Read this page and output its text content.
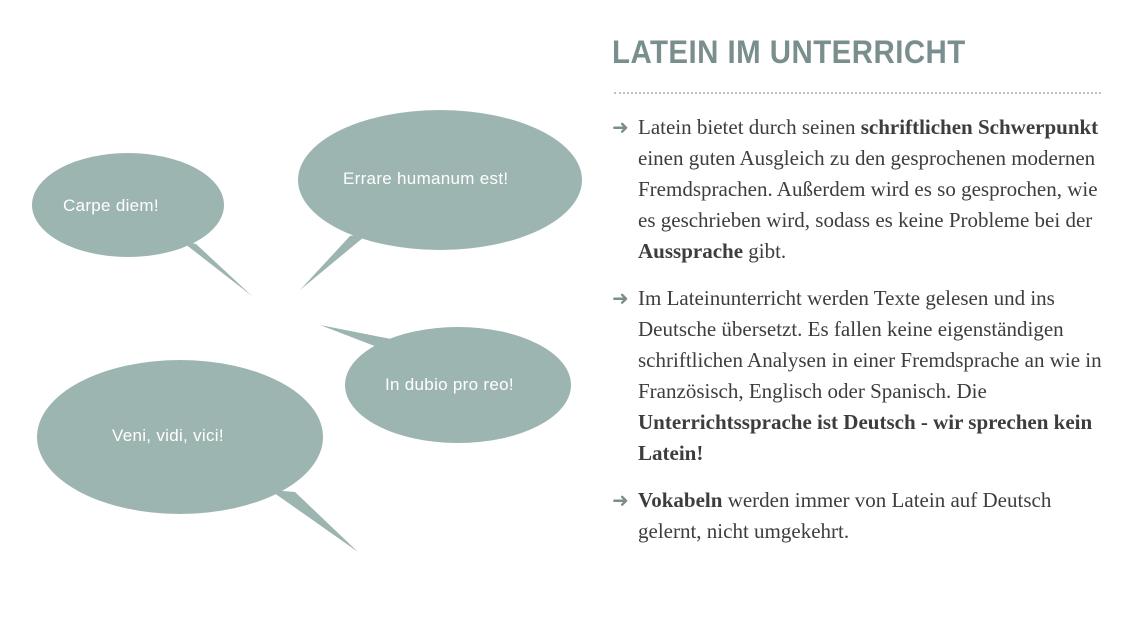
Carpe diem!
Errare humanum est!
In dubio pro reo!
Veni, vidi, vici!
LATEIN IM UNTERRICHT
➜ Latein bietet durch seinen schriftlichen Schwerpunkt einen guten Ausgleich zu den gesprochenen modernen Fremdsprachen. Außerdem wird es so gesprochen, wie es geschrieben wird, sodass es keine Probleme bei der Aussprache gibt.
➜ Im Lateinunterricht werden Texte gelesen und ins Deutsche übersetzt. Es fallen keine eigenständigen schriftlichen Analysen in einer Fremdsprache an wie in Französisch, Englisch oder Spanisch. Die Unterrichtssprache ist Deutsch - wir sprechen kein Latein!
➜ Vokabeln werden immer von Latein auf Deutsch gelernt, nicht umgekehrt.
